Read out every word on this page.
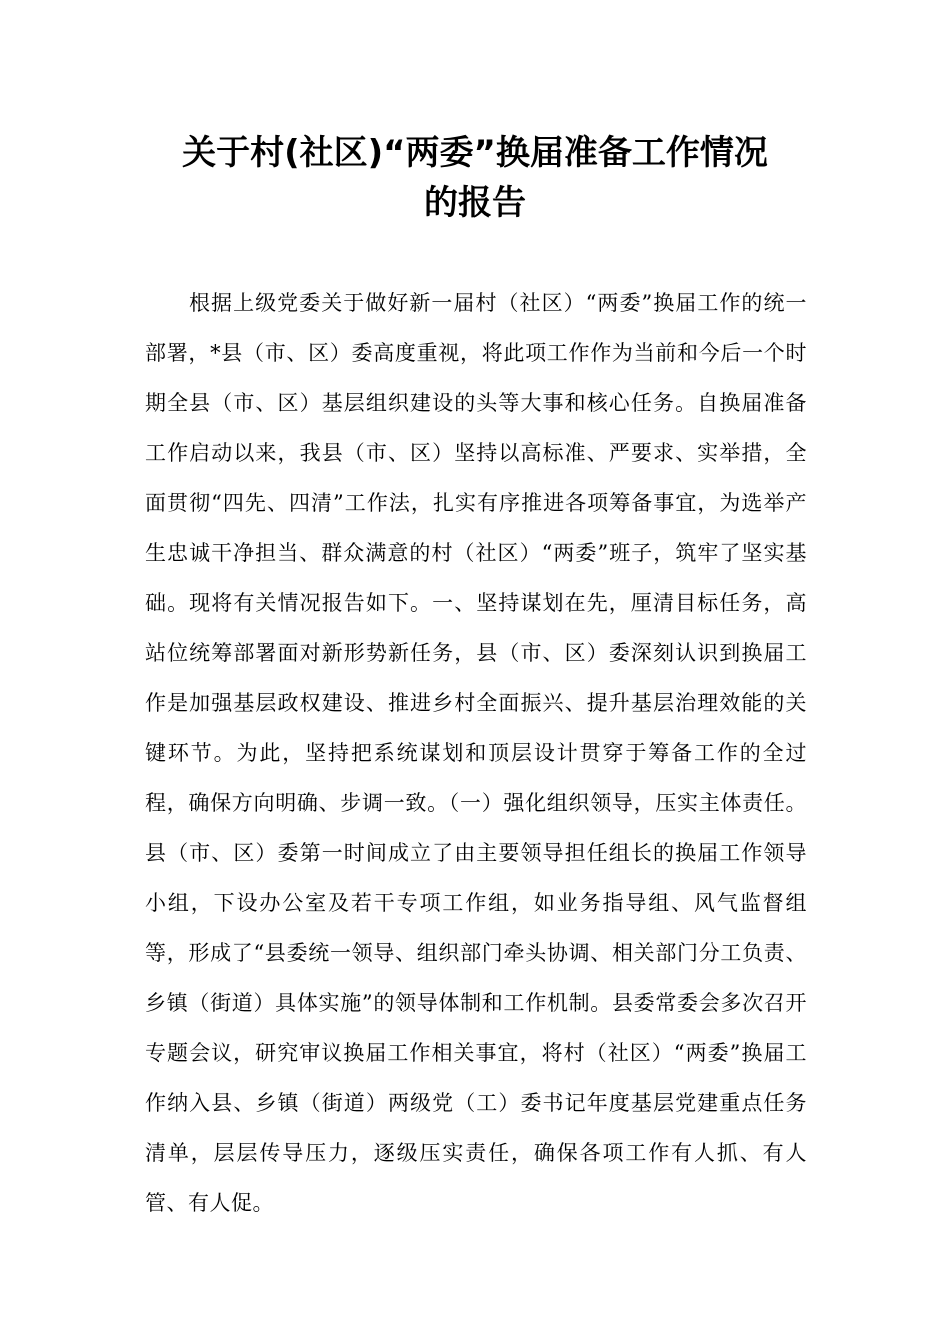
关于村(社区)“两委”换届准备工作情况
的报告

根据上级党委关于做好新一届村（社区）“两委”换届工作的统一部署，*县（市、区）委高度重视，将此项工作作为当前和今后一个时期全县（市、区）基层组织建设的头等大事和核心任务。自换届准备工作启动以来，我县（市、区）坚持以高标准、严要求、实举措，全面贯彻“四先、四清”工作法，扎实有序推进各项筹备事宜，为选举产生忠诚干净担当、群众满意的村（社区）“两委”班子，筑牢了坚实基础。现将有关情况报告如下。一、坚持谋划在先，厘清目标任务，高站位统筹部署面对新形势新任务，县（市、区）委深刻认识到换届工作是加强基层政权建设、推进乡村全面振兴、提升基层治理效能的关键环节。为此，坚持把系统谋划和顶层设计贯穿于筹备工作的全过程，确保方向明确、步调一致。（一）强化组织领导，压实主体责任。县（市、区）委第一时间成立了由主要领导担任组长的换届工作领导小组，下设办公室及若干专项工作组，如业务指导组、风气监督组等，形成了“县委统一领导、组织部门牵头协调、相关部门分工负责、乡镇（街道）具体实施”的领导体制和工作机制。县委常委会多次召开专题会议，研究审议换届工作相关事宜，将村（社区）“两委”换届工作纳入县、乡镇（街道）两级党（工）委书记年度基层党建重点任务清单，层层传导压力，逐级压实责任，确保各项工作有人抓、有人管、有人促。
